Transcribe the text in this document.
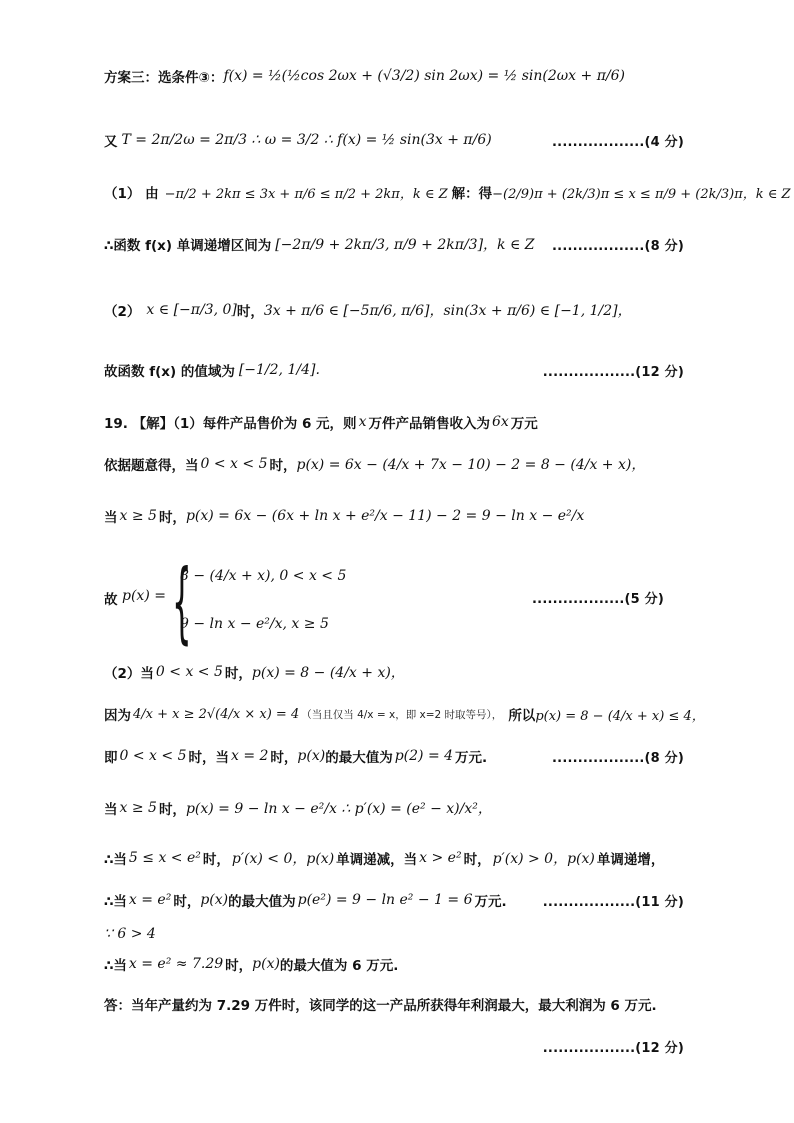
方案三：选条件③： f(x) = ½(½cos 2ωx + (√3/2) sin 2ωx) = ½ sin(2ωx + π/6)
又 T = 2π/2ω = 2π/3 ∴ ω = 3/2 ∴ f(x) = ½ sin(3x + π/6)	..................(4 分)
（1） 由 −π/2 + 2kπ ≤ 3x + π/6 ≤ π/2 + 2kπ，k ∈ Z 解：得 −(2/9)π + (2k/3)π ≤ x ≤ π/9 + (2k/3)π，k ∈ Z
∴函数 f(x) 单调递增区间为 [−2π/9 + 2kπ/3, π/9 + 2kπ/3]，k ∈ Z ..................(8 分)
（2） x ∈ [−π/3, 0] 时， 3x + π/6 ∈ [−5π/6, π/6]，sin(3x + π/6) ∈ [−1, 1/2]，
故函数 f(x) 的值域为 [−1/2, 1/4].	..................(12 分)
19. 【解】（1）每件产品售价为 6 元，则 x 万件产品销售收入为 6x 万元
依据题意得，当 0 < x < 5 时， p(x) = 6x − (4/x + 7x − 10) − 2 = 8 − (4/x + x)，
当 x ≥ 5 时， p(x) = 6x − (6x + ln x + e²/x − 11) − 2 = 9 − ln x − e²/x
故 p(x) = {
8 − (4/x + x), 0 < x < 5
9 − ln x − e²/x, x ≥ 5
..................(5 分)
（2）当 0 < x < 5 时， p(x) = 8 − (4/x + x)，
因为 4/x + x ≥ 2√(4/x × x) = 4 （当且仅当 4/x = x，即 x=2 时取等号）， 所以 p(x) = 8 − (4/x + x) ≤ 4，
即 0 < x < 5 时，当 x = 2 时， p(x) 的最大值为 p(2) = 4 万元.	..................(8 分)
当 x ≥ 5 时， p(x) = 9 − ln x − e²/x ∴ p′(x) = (e² − x)/x²，
∴当 5 ≤ x < e² 时， p′(x) < 0，p(x) 单调递减，当 x > e² 时， p′(x) > 0，p(x) 单调递增，
∴当 x = e² 时， p(x) 的最大值为 p(e²) = 9 − ln e² − 1 = 6 万元.	..................(11 分)
∵ 6 > 4
∴当 x = e² ≈ 7.29 时， p(x) 的最大值为 6 万元.
答：当年产量约为 7.29 万件时，该同学的这一产品所获得年利润最大，最大利润为 6 万元.
..................(12 分)
